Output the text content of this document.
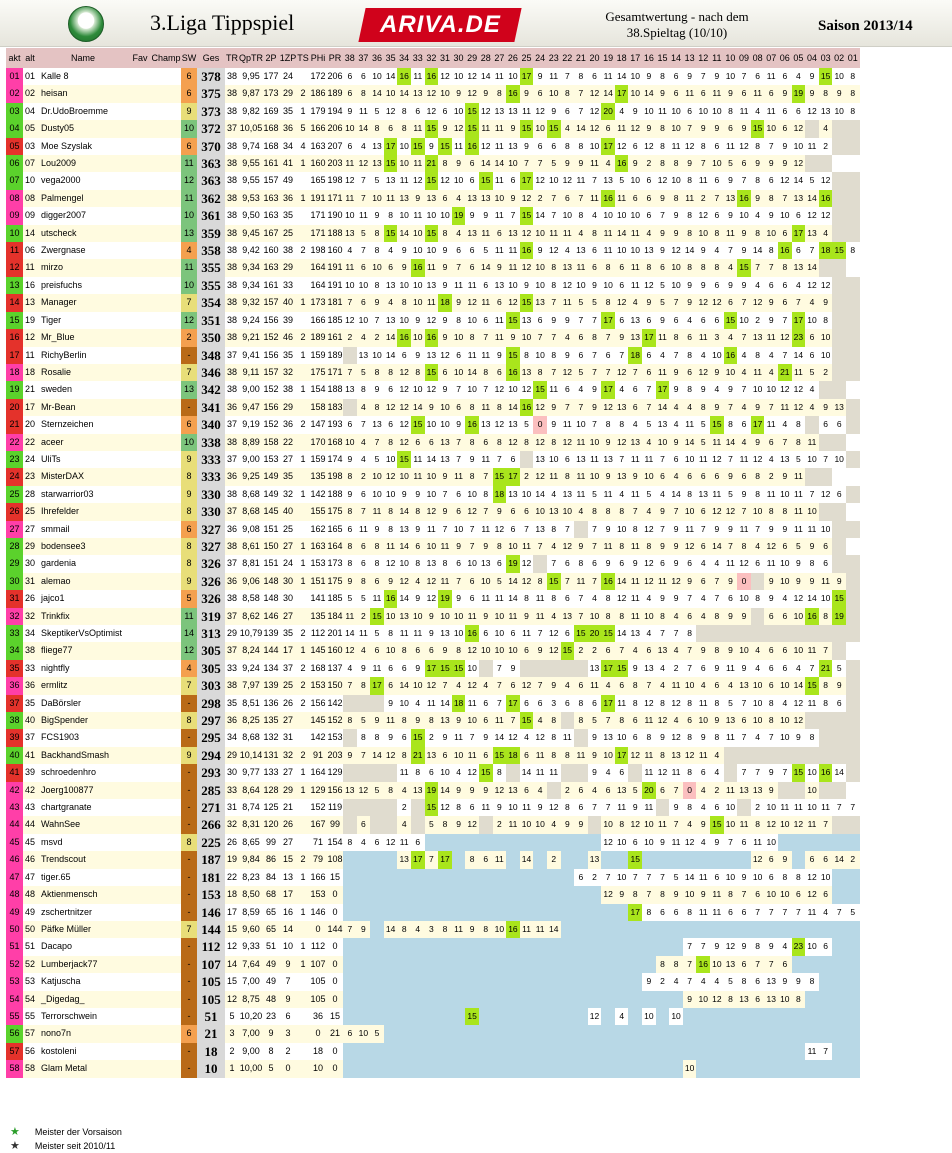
3.Liga Tippspiel	ARIVA.DE	Gesamtwertung - nach dem
38.Spieltag (10/10)	Saison 2013/14
akt	alt	Name	Fav	Champ	SW	Ges	TR	QpTR	2P	1ZP	TS	PHi	PR	38	37	36	35	34	33	32	31	30	29	28	27	26	25	24	23	22	21	20	19	18	17	16	15	14	13	12	11	10	09	08	07	06	05	04	03	02	01
01	01	Kalle 8			6	378	38	9,95	177	24		172	206	6	6	10	14	16	11	16	12	10	12	14	11	10	17	9	11	7	8	6	11	14	10	9	8	6	9	7	9	10	7	6	11	6	4	9	15	10	8
02	02	heisan			6	375	38	9,87	173	29	2	186	189	6	8	14	10	14	13	12	10	9	12	9	8	16	9	6	10	8	7	12	14	17	10	14	9	6	11	6	11	9	6	11	6	9	19	9	8	9	8
03	04	Dr.UdoBroemme			9	373	38	9,82	169	35	1	179	194	9	11	5	12	8	6	12	6	10	15	12	13	13	11	12	9	6	7	12	20	4	9	10	11	10	6	10	10	8	11	4	11	6	6	12	13	10	8
04	05	Dusty05			10	372	37	10,05	168	36	5	166	206	10	14	8	6	8	11	15	9	12	15	11	11	9	15	10	15	4	14	12	6	11	12	9	8	10	7	9	9	6	9	15	10	6	12		4		
05	03	Moe Szyslak			6	370	38	9,74	168	34	4	163	207	6	4	13	17	10	15	9	15	11	16	12	11	13	9	6	6	8	8	10	17	12	6	12	8	11	12	8	6	11	12	8	7	9	10	11	2		
06	07	Lou2009			11	363	38	9,55	161	41	1	160	203	11	12	13	15	10	11	21	8	9	6	14	14	10	7	7	5	9	9	11	4	16	9	2	8	8	9	7	10	5	6	9	9	9	12				
07	10	vega2000			12	363	38	9,55	157	49		165	198	12	7	5	13	11	12	15	12	10	6	15	11	6	17	12	10	12	11	7	13	5	10	6	12	10	8	11	6	9	7	8	6	12	14	5	12		
08	08	Palmengel			11	362	38	9,53	163	36	1	191	171	11	7	10	11	13	9	13	6	4	13	13	10	9	12	2	7	6	7	11	16	11	6	6	9	8	11	2	7	13	16	9	8	7	13	14	16		
09	09	digger2007			10	361	38	9,50	163	35		171	190	10	11	9	8	10	11	10	10	19	9	9	11	7	15	14	7	10	8	4	10	10	10	6	7	9	8	12	6	9	10	4	9	10	6	12	12		
10	14	utscheck			13	359	38	9,45	167	25		171	188	13	5	8	15	14	10	15	8	4	13	11	6	13	12	10	11	11	4	8	11	14	11	4	9	9	8	10	8	11	9	8	10	6	17	13	4		
11	06	Zwergnase			4	358	38	9,42	160	38	2	198	160	4	7	8	4	9	10	10	9	6	6	5	11	11	16	9	12	4	13	6	11	10	10	13	9	12	14	9	4	7	9	14	8	16	6	7	18	15	8
12	11	mirzo			11	355	38	9,34	163	29		164	191	11	6	10	6	9	16	11	9	7	6	14	9	11	12	10	8	13	11	6	8	6	11	8	6	10	8	8	8	4	15	7	7	8	13	14			
13	16	preisfuchs			10	355	38	9,34	161	33		164	191	10	10	8	13	10	10	13	9	11	11	6	13	10	9	10	8	12	10	9	10	6	11	12	5	10	9	9	6	9	9	4	6	6	4	12	12		
14	13	Manager			7	354	38	9,32	157	40	1	173	181	7	6	9	4	8	10	11	18	9	12	11	6	12	15	13	7	11	5	5	8	12	4	9	5	7	9	12	12	6	7	12	9	6	7	4	9		
15	19	Tiger			12	351	38	9,24	156	39		166	185	12	10	7	13	10	9	12	9	8	10	6	11	15	13	6	9	9	7	7	17	6	13	6	9	6	4	6	6	15	10	2	9	7	17	10	8		
16	12	Mr_Blue			2	350	38	9,21	152	46	2	189	161	2	4	2	14	16	10	16	9	10	8	7	11	9	10	7	7	4	6	8	7	9	13	17	11	8	6	11	3	4	7	13	11	12	23	6	10		
17	11	RichyBerlin			-	348	37	9,41	156	35	1	159	189		13	10	14	6	9	13	12	6	11	11	9	15	8	10	8	9	6	7	6	7	18	6	4	7	8	4	10	16	4	8	4	7	14	6	10		
18	18	Rosalie			7	346	38	9,11	157	32		175	171	7	5	8	8	12	8	15	6	10	14	8	6	16	13	8	7	12	5	7	7	12	7	6	11	9	6	12	9	10	4	11	4	21	11	5	2		
19	21	sweden			13	342	38	9,00	152	38	1	154	188	13	8	9	6	12	10	12	9	7	10	7	12	10	12	15	11	6	4	9	17	4	6	7	17	9	8	9	4	9	7	10	10	12	12	4			
20	17	Mr-Bean			-	341	36	9,47	156	29		158	183		4	8	12	12	14	9	10	6	8	11	8	14	16	12	9	7	7	9	12	13	6	7	14	4	4	8	9	7	4	9	7	11	12	4	9	13	
21	20	Sternzeichen			6	340	37	9,19	152	36	2	147	193	6	7	13	6	12	15	10	10	9	16	13	12	13	5	0	9	11	10	7	8	8	4	5	13	4	11	5	15	8	6	17	11	4	8		6	6	
22	22	aceer			10	338	38	8,89	158	22		170	168	10	4	7	8	12	6	6	13	7	8	6	8	12	8	12	8	12	11	10	9	12	13	4	10	9	14	5	11	14	4	9	6	7	8	11			
23	24	UliTs			9	333	37	9,00	153	27	1	159	174	9	4	5	10	15	11	14	13	7	9	11	7	6		13	10	6	13	11	13	7	11	11	7	6	10	11	12	7	11	12	4	13	5	10	7	10	
24	23	MisterDAX			8	333	36	9,25	149	35		135	198	8	2	10	12	10	11	10	9	11	8	7	15	17	2	12	11	8	11	10	9	13	9	10	6	4	6	6	6	9	6	8	2	9	11				
25	28	starwarrior03			9	330	38	8,68	149	32	1	142	188	9	6	10	10	9	9	10	7	6	10	8	18	13	10	14	4	13	11	5	11	4	11	5	4	14	8	13	11	5	9	8	11	10	11	7	12	6	
26	25	Ihrefelder			8	330	37	8,68	145	40		155	175	8	7	11	8	14	8	12	9	6	12	7	9	6	6	10	13	10	4	8	8	8	7	4	9	7	10	6	12	12	7	10	8	8	11	10			
27	27	smmail			6	327	36	9,08	151	25		162	165	6	11	9	8	13	9	11	7	10	7	11	12	6	7	13	8	7		7	9	10	8	12	7	9	11	7	9	9	11	7	9	9	11	11	10		
28	29	bodensee3			8	327	38	8,61	150	27	1	163	164	8	6	8	11	14	6	10	11	9	7	9	8	10	11	7	4	12	9	7	11	8	11	8	9	9	12	6	14	7	8	4	12	6	5	9	6		
29	30	gardenia			8	326	37	8,81	151	24	1	153	173	8	6	8	12	10	8	13	8	6	10	13	6	19	12		7	6	8	6	9	6	9	12	6	9	6	4	4	11	12	6	11	10	9	8	6		
30	31	alemao			9	326	36	9,06	148	30	1	151	175	9	8	6	9	12	4	12	11	7	6	10	5	14	12	8	15	7	11	7	16	14	11	12	11	12	9	6	7	9	0		9	10	9	9	11	9	
31	26	jajco1			5	326	38	8,58	148	30		141	185	5	5	11	16	14	9	12	19	9	6	11	11	14	8	11	8	6	7	4	8	12	11	4	9	9	7	4	7	6	10	8	9	4	12	14	10	15	
32	32	Trinkfix			11	319	37	8,62	146	27		135	184	11	2	15	10	13	10	9	10	10	11	9	10	11	9	11	4	13	7	10	8	8	11	10	8	4	6	4	8	9	9		6	6	10	16	8	19	
33	34	SkeptikerVsOptimist			14	313	29	10,79	139	35	2	112	201	14	11	5	8	11	11	9	13	10	16	6	10	6	11	7	12	6	15	20	15	14	13	4	7	7	8												
34	38	fliege77			12	305	37	8,24	144	17	1	145	160	12	4	6	10	8	6	6	9	8	12	10	10	10	6	9	12	15	2	2	6	7	4	6	13	4	7	9	8	9	10	4	6	6	10	11	7		
35	33	nightfly			4	305	33	9,24	134	37	2	168	137	4	9	11	6	6	9	17	15	15	10		7	9						13	17	15	9	13	4	2	7	6	9	11	9	4	6	6	4	7	21	5	
36	36	ermlitz			7	303	38	7,97	139	25	2	153	150	7	8	17	6	14	10	12	7	4	12	4	7	6	12	7	9	4	6	11	4	6	8	7	4	11	10	4	6	4	13	10	6	10	14	15	8	9	
37	35	DaBörsler			-	298	35	8,51	136	26	2	156	142				9	10	4	11	14	18	11	6	7	17	6	6	3	6	8	6	17	11	8	12	8	12	8	11	8	5	7	10	8	4	12	11	8	6	
38	40	BigSpender			8	297	36	8,25	135	27		145	152	8	5	9	11	8	9	8	13	9	10	6	11	7	15	4	8		8	5	7	8	6	11	12	4	6	10	9	13	6	10	8	10	12				
39	37	FCS1903			-	295	34	8,68	132	31		142	153		8	8	9	6	15	2	9	11	7	9	14	12	4	12	8	11		9	13	10	6	8	9	12	8	9	8	11	7	4	7	10	9	8			
40	41	BackhandSmash			9	294	29	10,14	131	32	2	91	203	9	7	14	12	8	21	13	6	10	11	6	15	18	6	11	8	8	11	9	10	17	12	11	8	13	12	11	4										
41	39	schroedenhro			-	293	30	9,77	133	27	1	164	129					11	8	6	10	4	12	15	8		14	11	11			9	4	6		11	12	11	8	6	4		7	7	9	7	15	10	16	14	
42	42	Joerg100877			-	285	33	8,64	128	29	1	129	156	13	12	5	8	4	13	19	14	9	9	9	12	13	6	4		2	6	4	6	13	5	20	6	7	0	4	2	11	13	13	9			10			
43	43	chartgranate			-	271	31	8,74	125	21		152	119					2		15	12	8	6	11	9	10	11	9	12	8	6	7	7	11	9	11		9	8	4	6	10		2	10	11	11	10	11	7	7
44	44	WahnSee			-	266	32	8,31	120	26		167	99		6			4		5	8	9	12		2	11	10	10	4	9	9		10	8	12	10	11	7	4	9	15	10	11	8	12	10	12	11	7		
45	45	msvd			8	225	26	8,65	99	27		71	154	8	4	6	12	11	6														12	10	6	10	9	11	12	4	9	7	6	11	10						
46	46	Trendscout			-	187	19	9,84	86	15	2	79	108					13	17	7	17		8	6	11		14		2			13			15									12	6	9		6	6	14	2
47	47	tiger.65			-	181	22	8,23	84	13	1	166	15																		6	2	7	10	7	7	7	5	14	11	6	10	9	10	6	8	8	12	10		
48	48	Aktienmensch			-	153	18	8,50	68	17		153	0																				12	9	8	7	8	9	10	9	11	8	7	6	10	10	6	12	6		
49	49	zschertnitzer			-	146	17	8,59	65	16	1	146	0																						17	8	6	6	8	11	11	6	6	7	7	7	7	11	4	7	5
50	50	Päfke Müller			7	144	15	9,60	65	14		0	144	7	9		14	8	4	3	8	11	9	8	10	16	11	11	14																						
51	51	Dacapo			-	112	12	9,33	51	10	1	112	0																										7	7	9	12	9	8	9	4	23	10	6		
52	52	Lumberjack77			-	107	14	7,64	49	9	1	107	0																								8	8	7	16	10	13	6	7	7	6					
53	53	Katjuscha			-	105	15	7,00	49	7		105	0																							9	2	4	7	4	4	5	8	6	13	9	9	8			
54	54	_Digedag_			-	105	12	8,75	48	9		105	0																										9	10	12	8	13	6	13	10	8				
55	55	Terrorschwein			-	51	5	10,20	23	6		36	15										15									12		4		10		10													
56	57	nono7n			6	21	3	7,00	9	3		0	21	6	10	5																																			
57	56	kostoleni			-	18	2	9,00	8	2		18	0																																			11	7		
58	58	Glam Metal			-	10	1	10,00	5	0		10	0																										10												
★ Meister der Vorsaison
★ Meister seit 2010/11
